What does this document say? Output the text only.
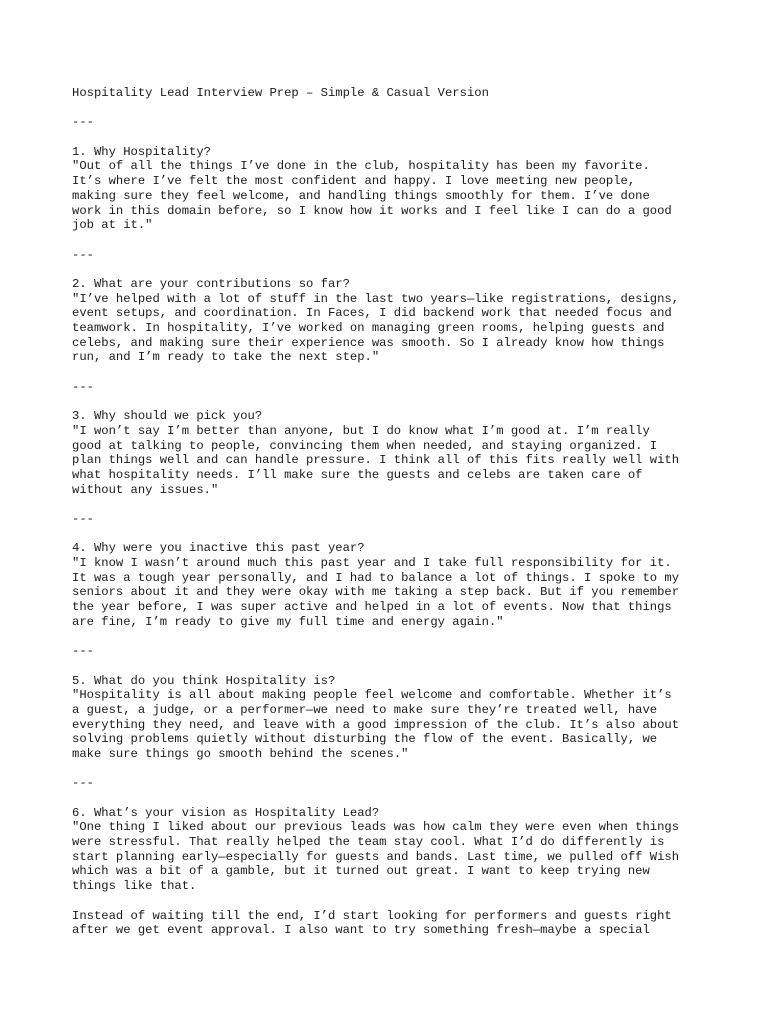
Hospitality Lead Interview Prep – Simple & Casual Version
---
1. Why Hospitality?
"Out of all the things I’ve done in the club, hospitality has been my favorite.
It’s where I’ve felt the most confident and happy. I love meeting new people,
making sure they feel welcome, and handling things smoothly for them. I’ve done
work in this domain before, so I know how it works and I feel like I can do a good
job at it."
---
2. What are your contributions so far?
"I’ve helped with a lot of stuff in the last two years—like registrations, designs,
event setups, and coordination. In Faces, I did backend work that needed focus and
teamwork. In hospitality, I’ve worked on managing green rooms, helping guests and
celebs, and making sure their experience was smooth. So I already know how things
run, and I’m ready to take the next step."
---
3. Why should we pick you?
"I won’t say I’m better than anyone, but I do know what I’m good at. I’m really
good at talking to people, convincing them when needed, and staying organized. I
plan things well and can handle pressure. I think all of this fits really well with
what hospitality needs. I’ll make sure the guests and celebs are taken care of
without any issues."
---
4. Why were you inactive this past year?
"I know I wasn’t around much this past year and I take full responsibility for it.
It was a tough year personally, and I had to balance a lot of things. I spoke to my
seniors about it and they were okay with me taking a step back. But if you remember
the year before, I was super active and helped in a lot of events. Now that things
are fine, I’m ready to give my full time and energy again."
---
5. What do you think Hospitality is?
"Hospitality is all about making people feel welcome and comfortable. Whether it’s
a guest, a judge, or a performer—we need to make sure they’re treated well, have
everything they need, and leave with a good impression of the club. It’s also about
solving problems quietly without disturbing the flow of the event. Basically, we
make sure things go smooth behind the scenes."
---
6. What’s your vision as Hospitality Lead?
"One thing I liked about our previous leads was how calm they were even when things
were stressful. That really helped the team stay cool. What I’d do differently is
start planning early—especially for guests and bands. Last time, we pulled off Wish
which was a bit of a gamble, but it turned out great. I want to keep trying new
things like that.
Instead of waiting till the end, I’d start looking for performers and guests right
after we get event approval. I also want to try something fresh—maybe a special
